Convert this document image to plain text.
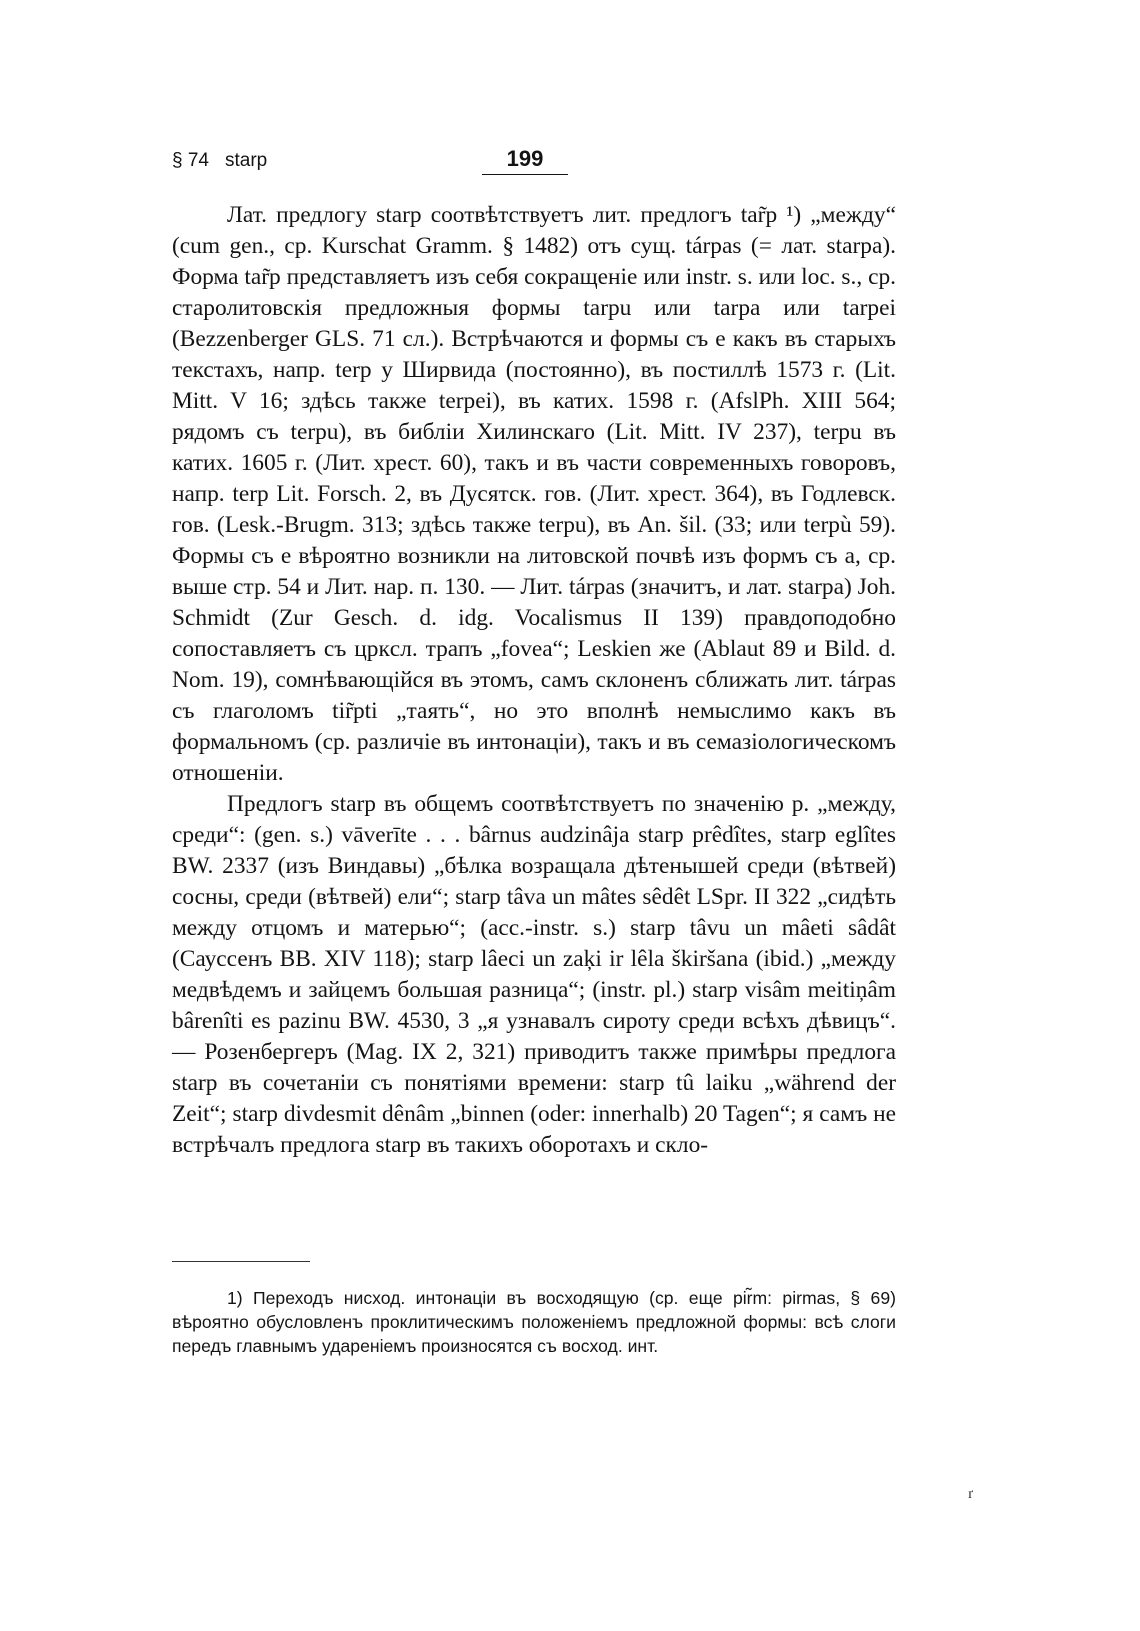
§ 74 starp	199

Лат. предлогу starp соотвѣтствуетъ лит. предлогъ tar̃p ¹) „между“ (cum gen., ср. Kurschat Gramm. § 1482) отъ сущ. tárpas (= лат. starpa). Форма tar̃p представляетъ изъ себя сокращеніе или instr. s. или loc. s., ср. старолитовскія предложныя формы tarpu или tarpa или tarpei (Bezzenberger GLS. 71 сл.). Встрѣчаются и формы съ e какъ въ старыхъ текстахъ, напр. terp у Ширвида (постоянно), въ постиллѣ 1573 г. (Lit. Mitt. V 16; здѣсь также terpei), въ катих. 1598 г. (AfslPh. XIII 564; рядомъ съ terpu), въ библіи Хилинскаго (Lit. Mitt. IV 237), terpu въ катих. 1605 г. (Лит. хрест. 60), такъ и въ части современныхъ говоровъ, напр. terp Lit. Forsch. 2, въ Дусятск. гов. (Лит. хрест. 364), въ Годлевск. гов. (Lesk.-Brugm. 313; здѣсь также terpu), въ An. šil. (33; или terpù 59). Формы съ e вѣроятно возникли на литовской почвѣ изъ формъ съ a, ср. выше стр. 54 и Лит. нар. п. 130. — Лит. tárpas (значитъ, и лат. starpa) Joh. Schmidt (Zur Gesch. d. idg. Vocalismus II 139) правдоподобно сопоставляетъ съ цркcл. трапъ „fovea“; Leskien же (Ablaut 89 и Bild. d. Nom. 19), сомнѣвающійся въ этомъ, самъ склоненъ сближать лит. tárpas съ глаголомъ tir̃pti „таять“, но это вполнѣ немыслимо какъ въ формальномъ (ср. различіе въ интонаціи), такъ и въ семазіологическомъ отношеніи.

Предлогъ starp въ общемъ соотвѣтствуетъ по значенію р. „между, среди“: (gen. s.) vāverīte . . . bârnus audzinâja starp prêdîtes, starp eglîtes BW. 2337 (изъ Виндавы) „бѣлка возращала дѣтенышей среди (вѣтвей) сосны, среди (вѣтвей) ели“; starp tâva un mâtes sêdêt LSpr. II 322 „сидѣть между отцомъ и матерью“; (acc.-instr. s.) starp tâvu un mâeti sâdât (Сауссенъ BB. XIV 118); starp lâeci un zaķi ir lêla škiršana (ibid.) „между медвѣдемъ и зайцемъ большая разница“; (instr. pl.) starp visâm meitiņâm bârenîti es pazinu BW. 4530, 3 „я узнавалъ сироту среди всѣхъ дѣвицъ“. — Розенбергеръ (Mag. IX 2, 321) приводитъ также примѣры предлога starp въ сочетаніи съ понятіями времени: starp tû laiku „während der Zeit“; starp divdesmit dênâm „binnen (oder: innerhalb) 20 Tagen“; я самъ не встрѣчалъ предлога starp въ такихъ оборотахъ и скло-

1) Переходъ нисход. интонаціи въ восходящую (ср. еще pir̃m: pirmas, § 69) вѣроятно обусловленъ проклитическимъ положеніемъ предложной формы: всѣ слоги передъ главнымъ удареніемъ произносятся съ восход. инт.

ґ
